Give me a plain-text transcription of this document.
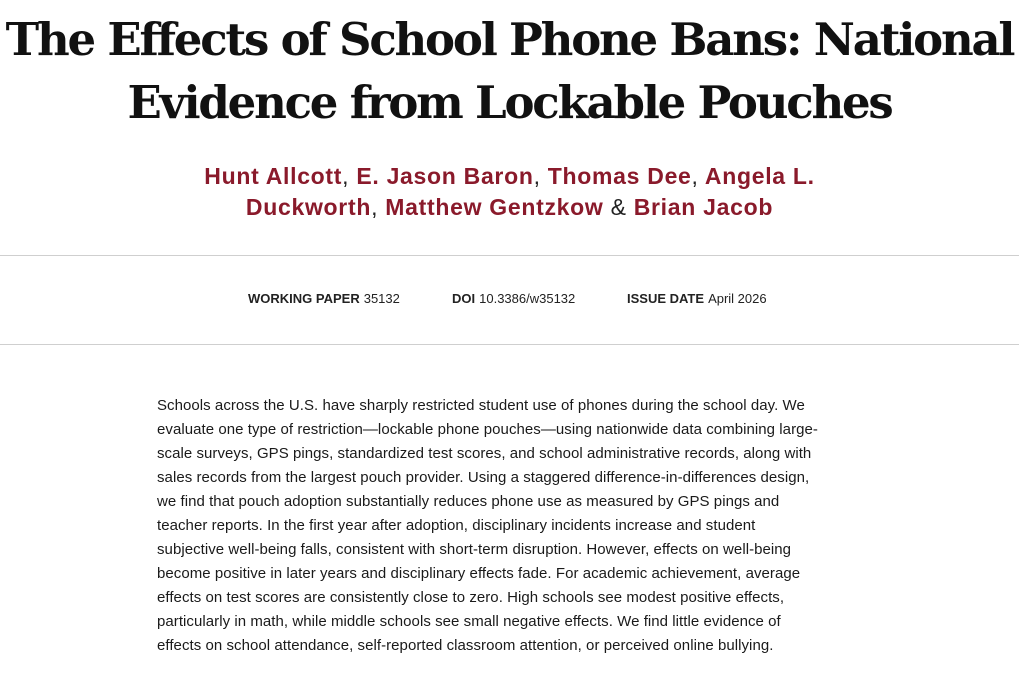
The Effects of School Phone Bans: National
Evidence from Lockable Pouches
Hunt Allcott, E. Jason Baron, Thomas Dee, Angela L.
Duckworth, Matthew Gentzkow & Brian Jacob
WORKING PAPER 35132	DOI 10.3386/w35132	ISSUE DATE April 2026
Schools across the U.S. have sharply restricted student use of phones during the school day. We
evaluate one type of restriction—lockable phone pouches—using nationwide data combining large-
scale surveys, GPS pings, standardized test scores, and school administrative records, along with
sales records from the largest pouch provider. Using a staggered difference-in-differences design,
we find that pouch adoption substantially reduces phone use as measured by GPS pings and
teacher reports. In the first year after adoption, disciplinary incidents increase and student
subjective well-being falls, consistent with short-term disruption. However, effects on well-being
become positive in later years and disciplinary effects fade. For academic achievement, average
effects on test scores are consistently close to zero. High schools see modest positive effects,
particularly in math, while middle schools see small negative effects. We find little evidence of
effects on school attendance, self-reported classroom attention, or perceived online bullying.
